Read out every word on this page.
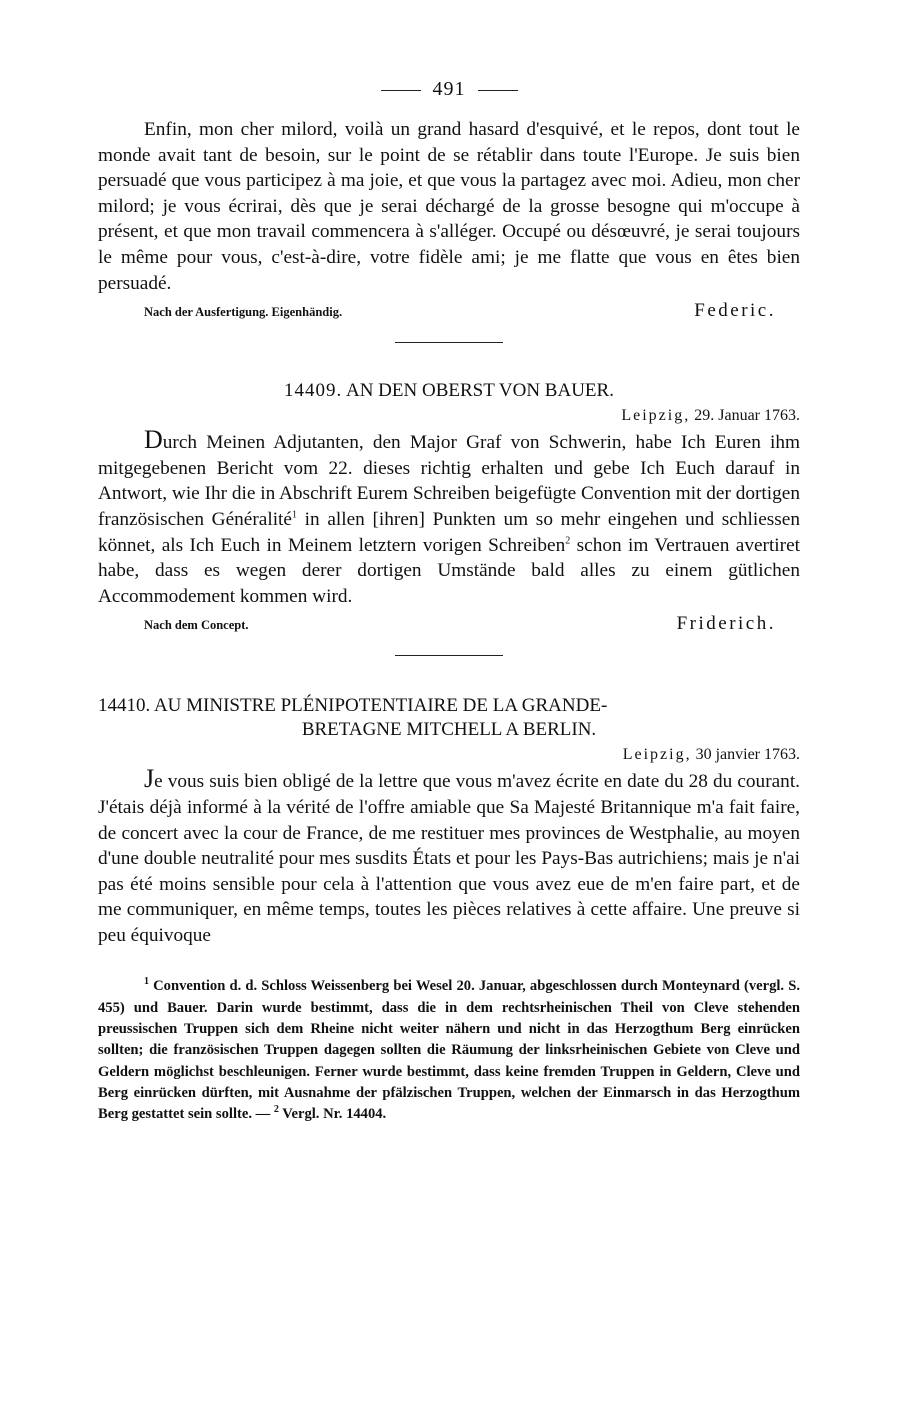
491

Enfin, mon cher milord, voilà un grand hasard d'esquivé, et le repos, dont tout le monde avait tant de besoin, sur le point de se rétablir dans toute l'Europe. Je suis bien persuadé que vous participez à ma joie, et que vous la partagez avec moi. Adieu, mon cher milord; je vous écrirai, dès que je serai déchargé de la grosse besogne qui m'occupe à présent, et que mon travail commencera à s'alléger. Occupé ou désœuvré, je serai toujours le même pour vous, c'est-à-dire, votre fidèle ami; je me flatte que vous en êtes bien persuadé.

Nach der Ausfertigung. Eigenhändig.	Federic.
14409. AN DEN OBERST VON BAUER.
Leipzig, 29. Januar 1763.

Durch Meinen Adjutanten, den Major Graf von Schwerin, habe Ich Euren ihm mitgegebenen Bericht vom 22. dieses richtig erhalten und gebe Ich Euch darauf in Antwort, wie Ihr die in Abschrift Eurem Schreiben beigefügte Convention mit der dortigen französischen Généralité$^1$ in allen [ihren] Punkten um so mehr eingehen und schliessen könnet, als Ich Euch in Meinem letztern vorigen Schreiben$^2$ schon im Vertrauen avertiret habe, dass es wegen derer dortigen Umstände bald alles zu einem gütlichen Accommodement kommen wird.

Nach dem Concept.	Friderich.
14410. AU MINISTRE PLÉNIPOTENTIAIRE DE LA GRANDE-
BRETAGNE MITCHELL A BERLIN.
Leipzig, 30 janvier 1763.

Je vous suis bien obligé de la lettre que vous m'avez écrite en date du 28 du courant. J'étais déjà informé à la vérité de l'offre amiable que Sa Majesté Britannique m'a fait faire, de concert avec la cour de France, de me restituer mes provinces de Westphalie, au moyen d'une double neutralité pour mes susdits États et pour les Pays-Bas autrichiens; mais je n'ai pas été moins sensible pour cela à l'attention que vous avez eue de m'en faire part, et de me communiquer, en même temps, toutes les pièces relatives à cette affaire. Une preuve si peu équivoque

$^1$ Convention d. d. Schloss Weissenberg bei Wesel 20. Januar, abgeschlossen durch Monteynard (vergl. S. 455) und Bauer. Darin wurde bestimmt, dass die in dem rechtsrheinischen Theil von Cleve stehenden preussischen Truppen sich dem Rheine nicht weiter nähern und nicht in das Herzogthum Berg einrücken sollten; die französischen Truppen dagegen sollten die Räumung der linksrheinischen Gebiete von Cleve und Geldern möglichst beschleunigen. Ferner wurde bestimmt, dass keine fremden Truppen in Geldern, Cleve und Berg einrücken dürften, mit Ausnahme der pfälzischen Truppen, welchen der Einmarsch in das Herzogthum Berg gestattet sein sollte. — $^2$ Vergl. Nr. 14404.
